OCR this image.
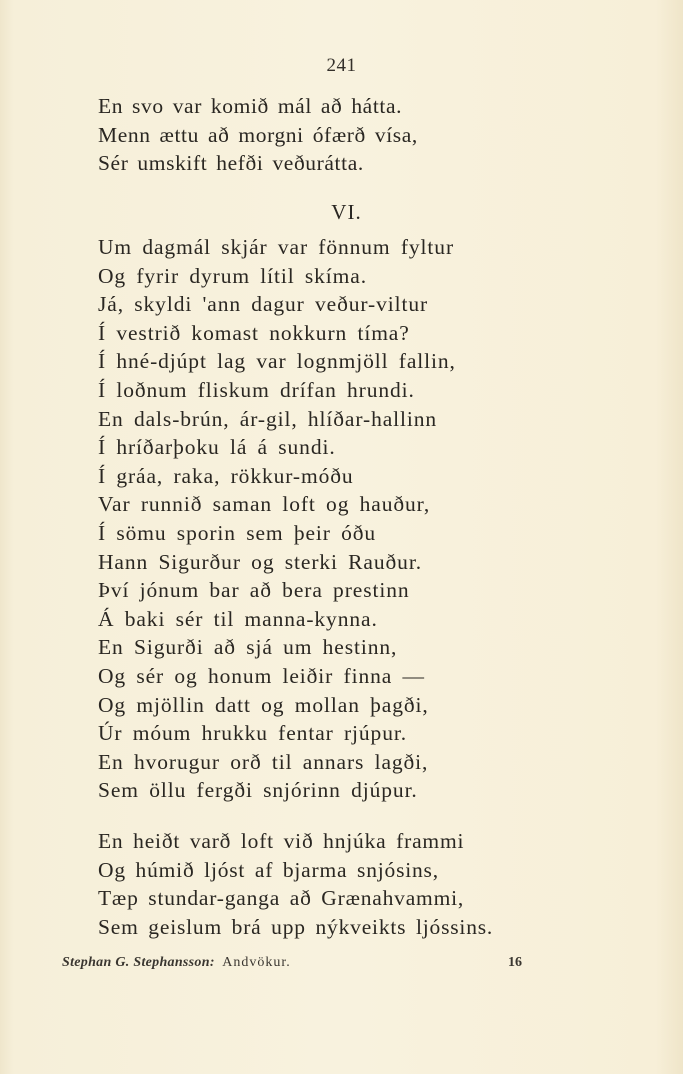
241
En svo var komið mál að hátta.
Menn ættu að morgni ófærð vísa,
Sér umskift hefði veðurátta.
VI.
Um dagmál skjár var fönnum fyltur
Og fyrir dyrum lítil skíma.
Já, skyldi 'ann dagur veður-viltur
Í vestrið komast nokkurn tíma?
Í hné-djúpt lag var lognmjöll fallin,
Í loðnum fliskum drífan hrundi.
En dals-brún, ár-gil, hlíðar-hallinn
Í hríðarþoku lá á sundi.
Í gráa, raka, rökkur-móðu
Var runnið saman loft og hauður,
Í sömu sporin sem þeir óðu
Hann Sigurður og sterki Rauður.
Því jónum bar að bera prestinn
Á baki sér til manna-kynna.
En Sigurði að sjá um hestinn,
Og sér og honum leiðir finna —
Og mjöllin datt og mollan þagði,
Úr móum hrukku fentar rjúpur.
En hvorugur orð til annars lagði,
Sem öllu fergði snjórinn djúpur.
En heiðt varð loft við hnjúka frammi
Og húmið ljóst af bjarma snjósins,
Tæp stundar-ganga að Grænahvammi,
Sem geislum brá upp nýkveikts ljóssins.
Stephan G. Stephansson: Andvökur.	16
